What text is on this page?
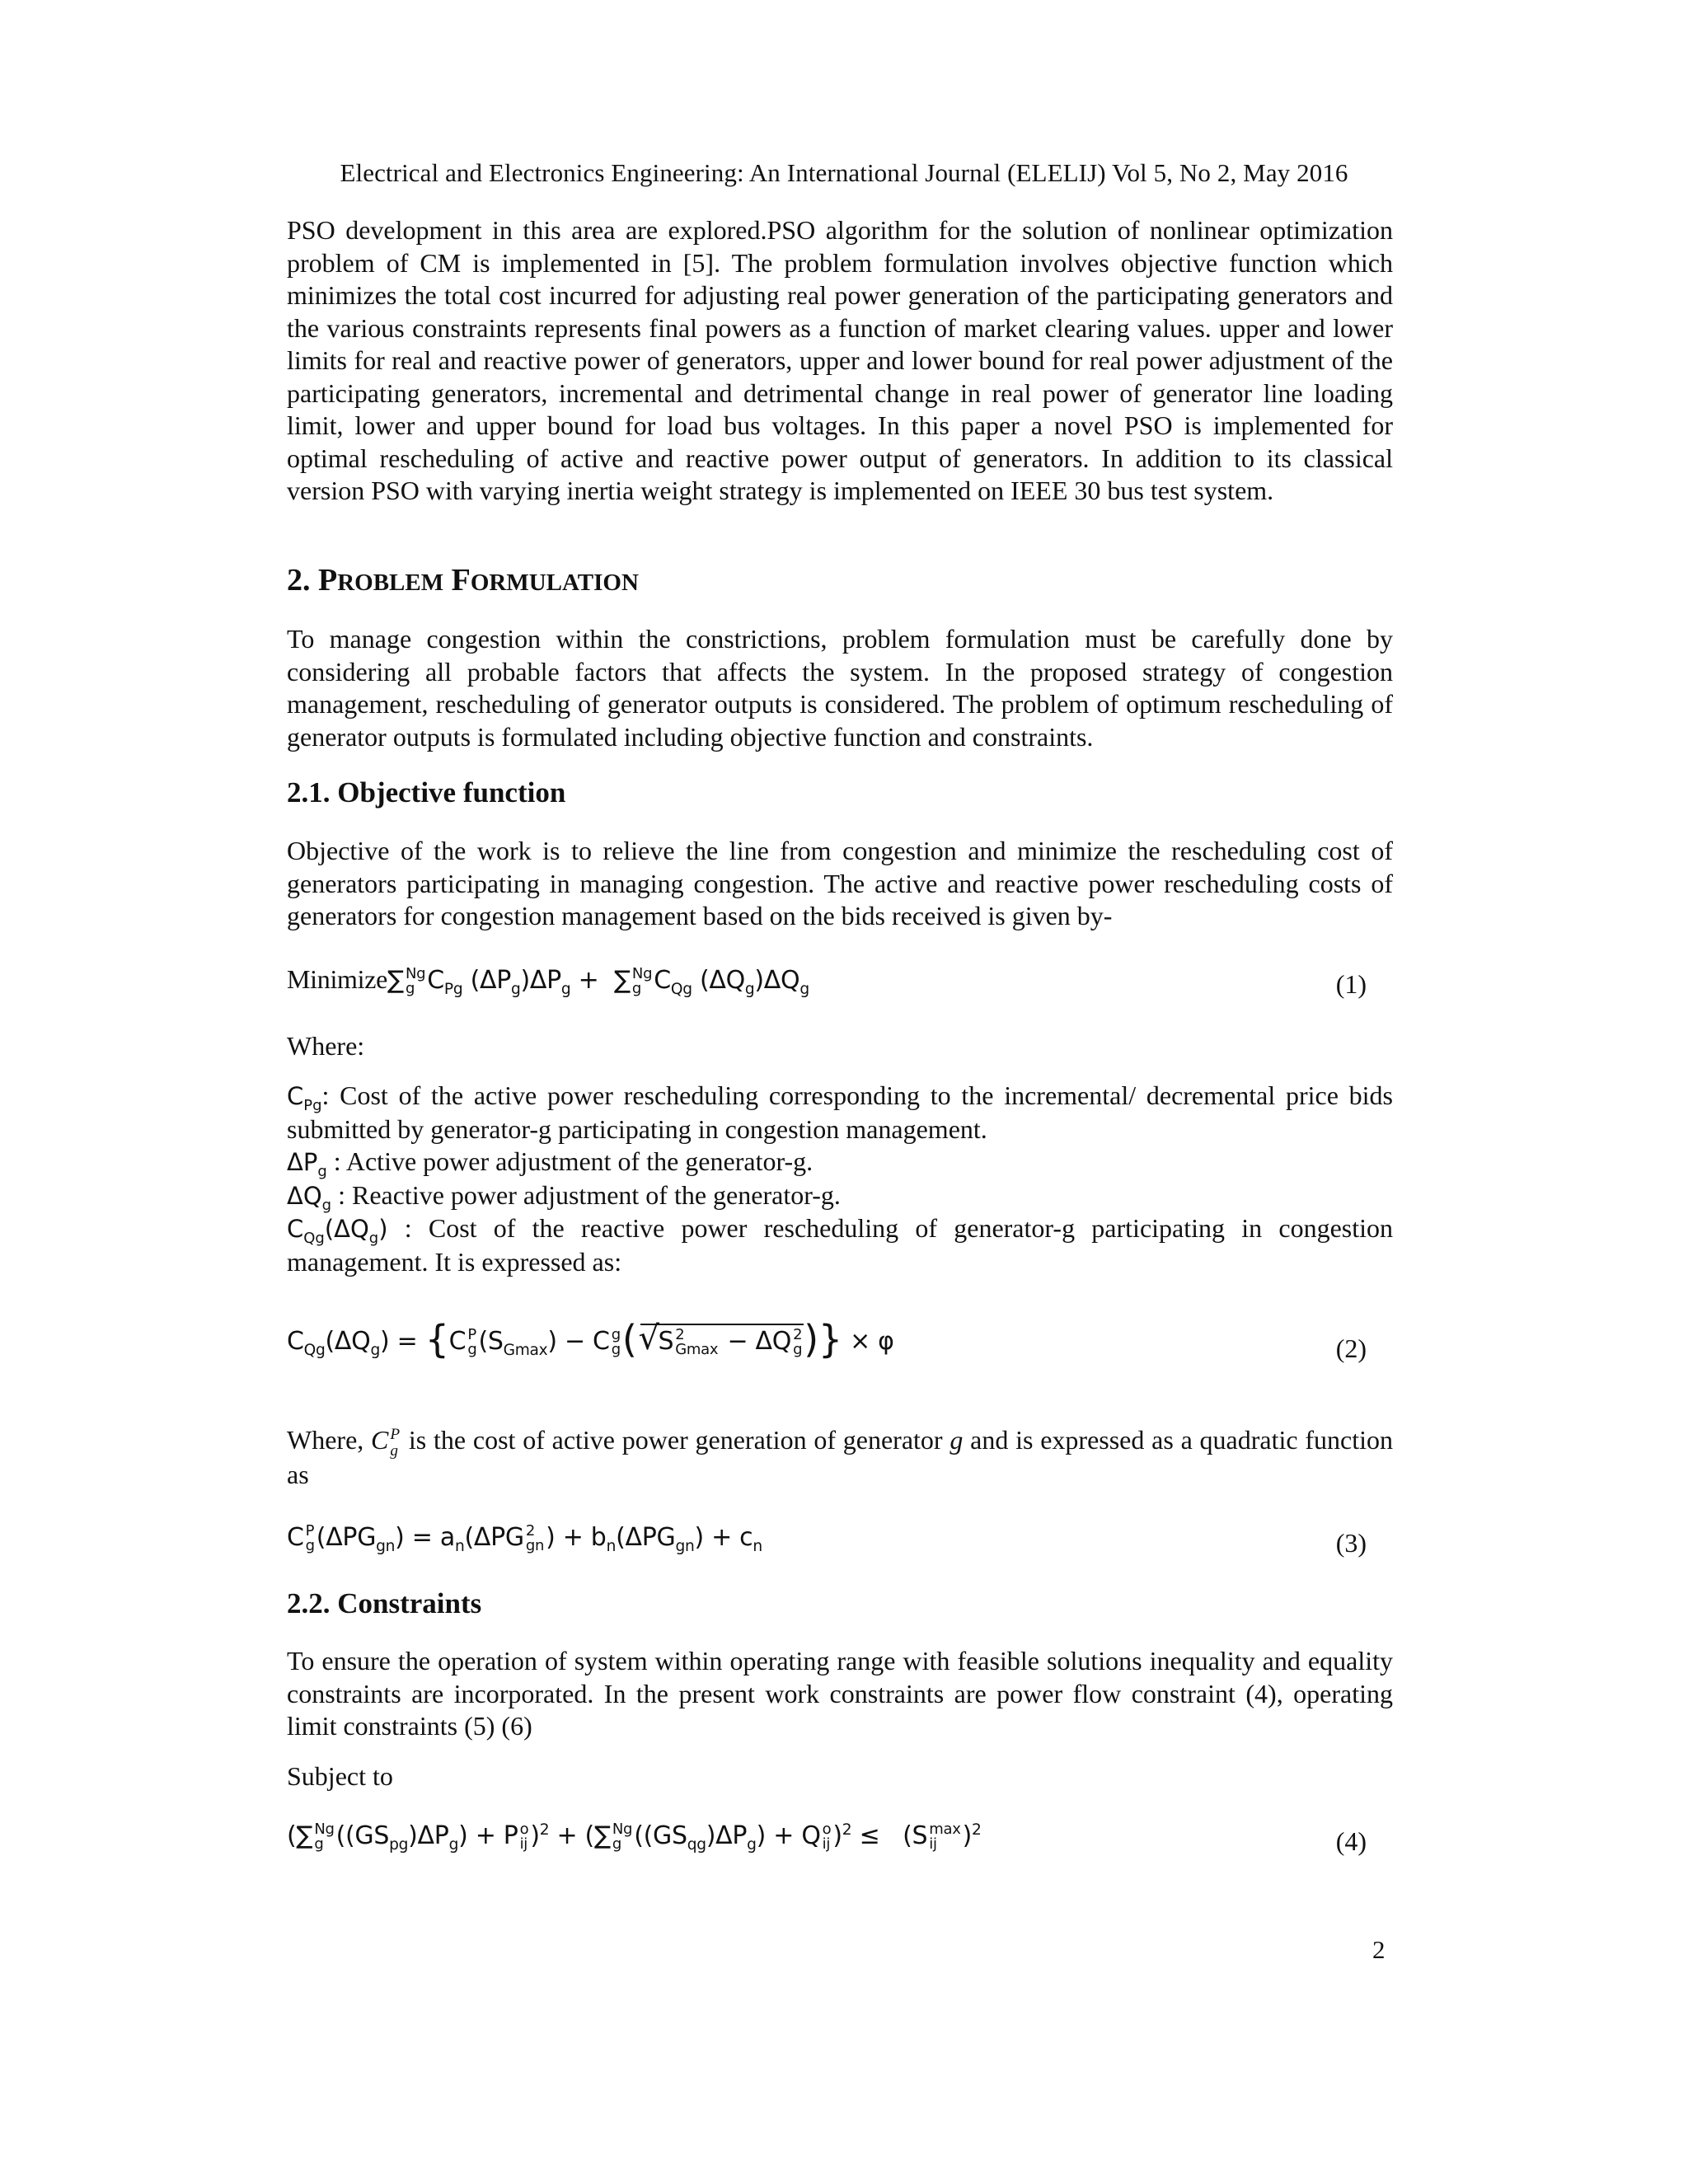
Electrical and Electronics Engineering: An International Journal (ELELIJ) Vol 5, No 2, May 2016
PSO development in this area are explored.PSO algorithm for the solution of nonlinear optimization problem of CM is implemented in [5]. The problem formulation involves objective function which minimizes the total cost incurred for adjusting real power generation of the participating generators and the various constraints represents final powers as a function of market clearing values. upper and lower limits for real and reactive power of generators, upper and lower bound for real power adjustment of the participating generators, incremental and detrimental change in real power of generator line loading limit, lower and upper bound for load bus voltages. In this paper a novel PSO is implemented for optimal rescheduling of active and reactive power output of generators. In addition to its classical version PSO with varying inertia weight strategy is implemented on IEEE 30 bus test system.
2. PROBLEM FORMULATION
To manage congestion within the constrictions, problem formulation must be carefully done by considering all probable factors that affects the system. In the proposed strategy of congestion management, rescheduling of generator outputs is considered. The problem of optimum rescheduling of generator outputs is formulated including objective function and constraints.
2.1. Objective function
Objective of the work is to relieve the line from congestion and minimize the rescheduling cost of generators participating in managing congestion. The active and reactive power rescheduling costs of generators for congestion management based on the bids received is given by-
Minimize∑ Ng
g $C_{Pg}$ $(\Delta P_g)\Delta P_g$ +  ∑ Ng
g $C_{Qg}$ $(\Delta Q_g)\Delta Q_g$	(1)
Where:
$C_{Pg}$: Cost of the active power rescheduling corresponding to the incremental/ decremental price bids submitted by generator-g participating in congestion management.
$\Delta P_g$ : Active power adjustment of the generator-g.
$\Delta Q_g$ : Reactive power adjustment of the generator-g.
$C_{Qg}(\Delta Q_g)$ : Cost of the reactive power rescheduling of generator-g participating in congestion management. It is expressed as:
$C_{Qg}(\Delta Q_g) = \{C$ P
g $(S_{Gmax}) - C$ g
g (√ S 2
Gmax − ΔQ 2
g )} × φ	(2)
Where, C P
g is the cost of active power generation of generator g and is expressed as a quadratic function as
C P
g $(\Delta PG_{gn}) = a_n(\Delta PG$ 2
gn ) + $b_n(\Delta PG_{gn}) + c_n$	(3)
2.2. Constraints
To ensure the operation of system within operating range with feasible solutions inequality and equality constraints are incorporated. In the present work constraints are power flow constraint (4), operating limit constraints (5) (6)
Subject to
(∑ Ng
g $((GS_{pg})\Delta P_g) + P$ o
ij )$^2$ + (∑ Ng
g $((GS_{qg})\Delta P_g) + Q$ o
ij )$^2$ ≤   (S max
ij	)$^2$	(4)
2
